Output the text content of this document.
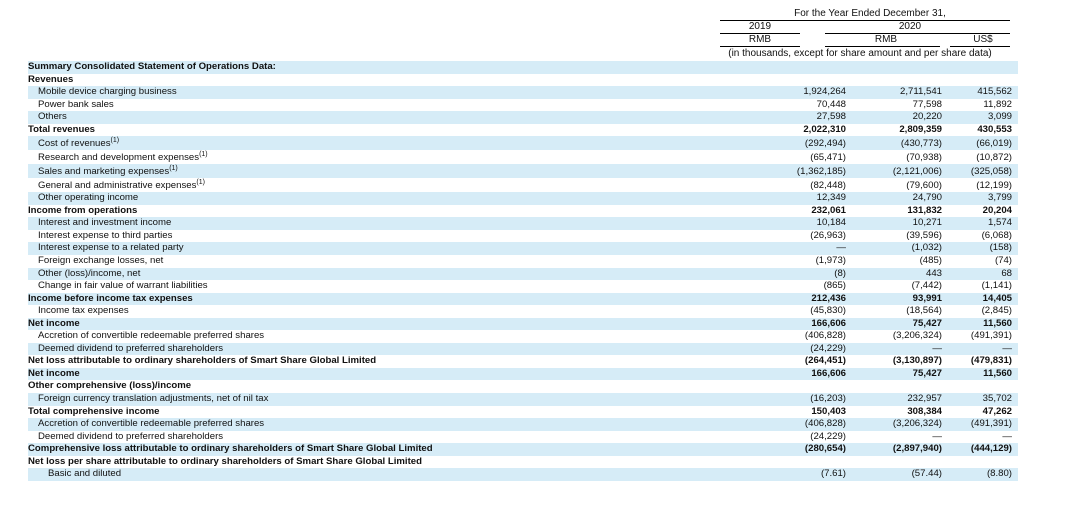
For the Year Ended December 31,
2019	2020
RMB	RMB	US$
(in thousands, except for share amount and per share data)
Summary Consolidated Statement of Operations Data:
Revenues
Mobile device charging business	1,924,264	2,711,541	415,562
Power bank sales	70,448	77,598	11,892
Others	27,598	20,220	3,099
Total revenues	2,022,310	2,809,359	430,553
Cost of revenues$^{(1)}$	(292,494)	(430,773)	(66,019)
Research and development expenses$^{(1)}$	(65,471)	(70,938)	(10,872)
Sales and marketing expenses$^{(1)}$	(1,362,185)	(2,121,006)	(325,058)
General and administrative expenses$^{(1)}$	(82,448)	(79,600)	(12,199)
Other operating income	12,349	24,790	3,799
Income from operations	232,061	131,832	20,204
Interest and investment income	10,184	10,271	1,574
Interest expense to third parties	(26,963)	(39,596)	(6,068)
Interest expense to a related party	—	(1,032)	(158)
Foreign exchange losses, net	(1,973)	(485)	(74)
Other (loss)/income, net	(8)	443	68
Change in fair value of warrant liabilities	(865)	(7,442)	(1,141)
Income before income tax expenses	212,436	93,991	14,405
Income tax expenses	(45,830)	(18,564)	(2,845)
Net income	166,606	75,427	11,560
Accretion of convertible redeemable preferred shares	(406,828)	(3,206,324)	(491,391)
Deemed dividend to preferred shareholders	(24,229)	—	—
Net loss attributable to ordinary shareholders of Smart Share Global Limited	(264,451)	(3,130,897)	(479,831)
Net income	166,606	75,427	11,560
Other comprehensive (loss)/income
Foreign currency translation adjustments, net of nil tax	(16,203)	232,957	35,702
Total comprehensive income	150,403	308,384	47,262
Accretion of convertible redeemable preferred shares	(406,828)	(3,206,324)	(491,391)
Deemed dividend to preferred shareholders	(24,229)	—	—
Comprehensive loss attributable to ordinary shareholders of Smart Share Global Limited	(280,654)	(2,897,940)	(444,129)
Net loss per share attributable to ordinary shareholders of Smart Share Global Limited
Basic and diluted	(7.61)	(57.44)	(8.80)
